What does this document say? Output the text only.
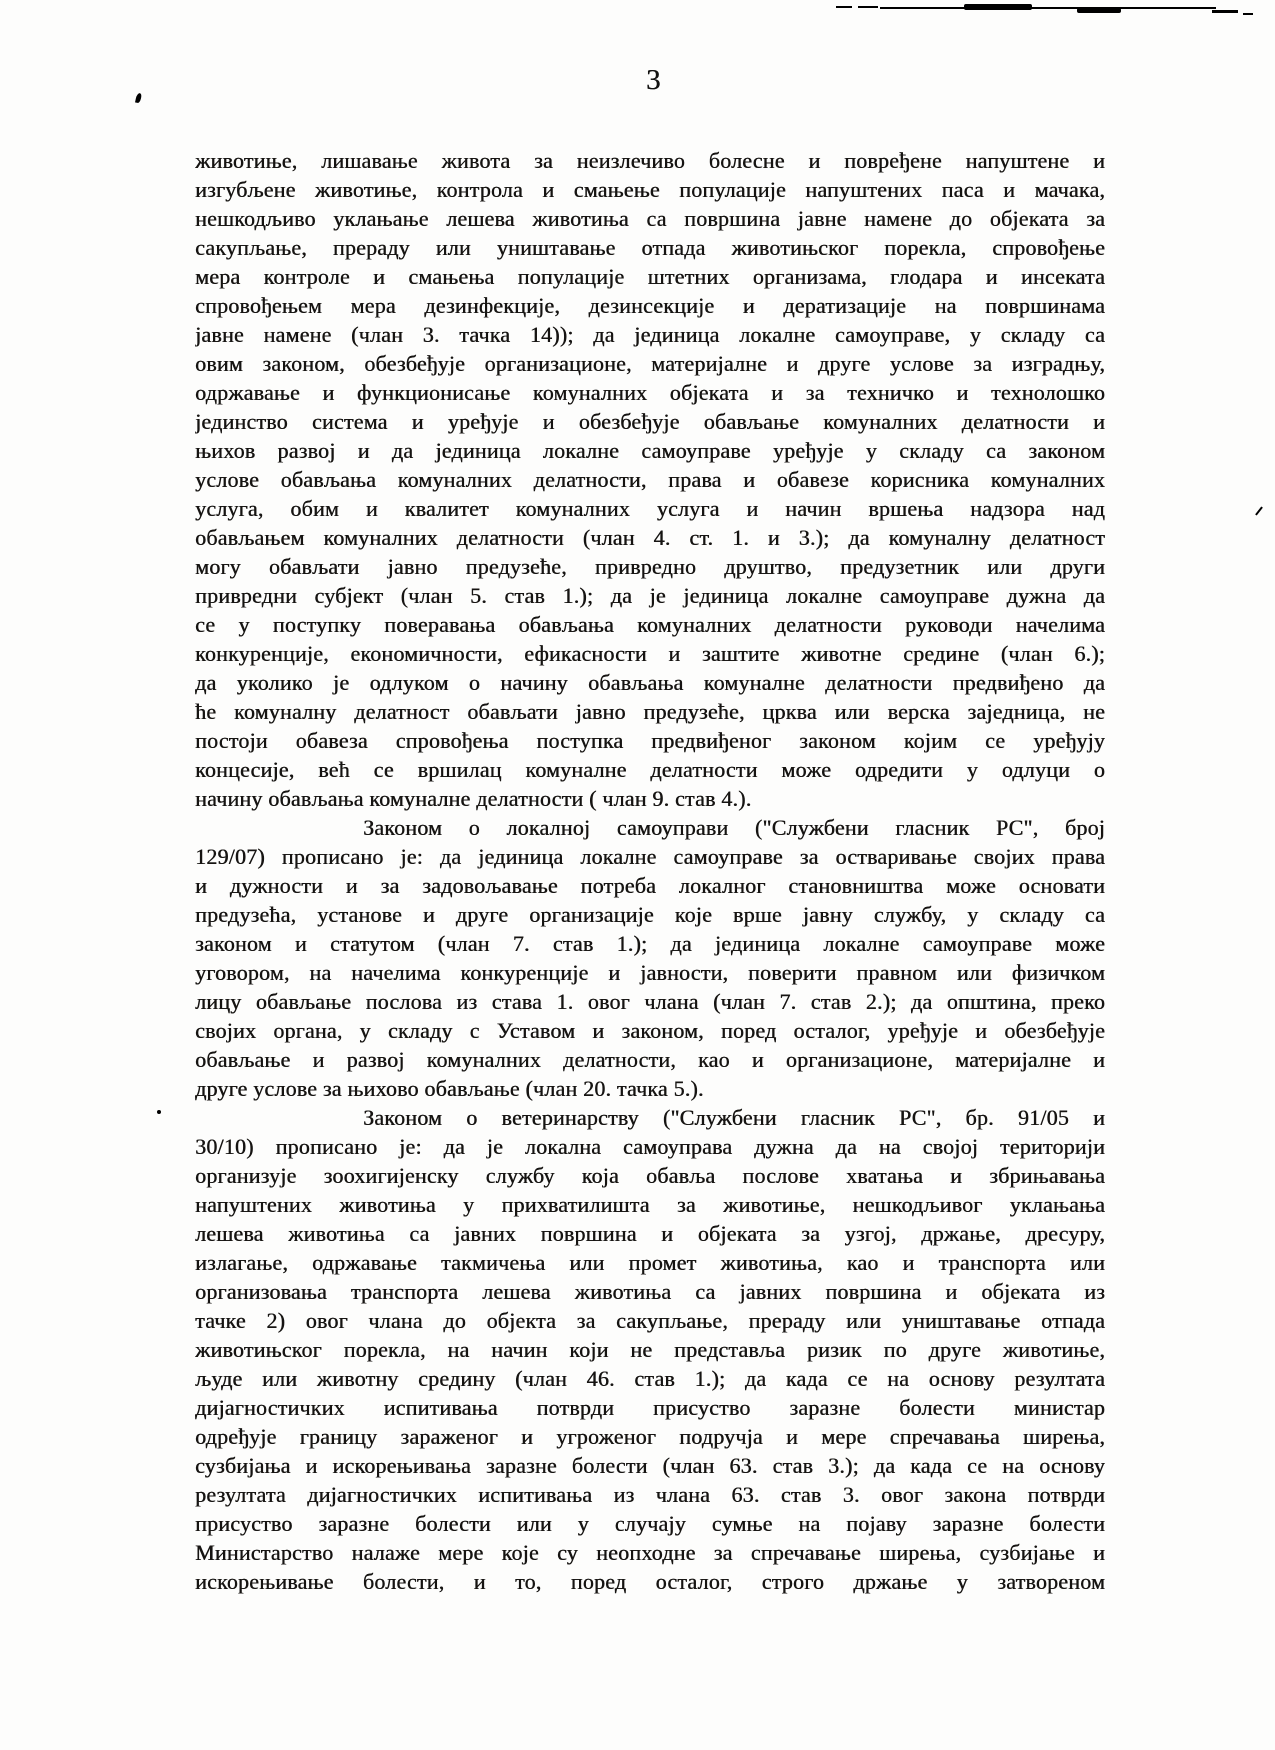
3
животиње, лишавање живота за неизлечиво болесне и повређене напуштене и
изгубљене животиње, контрола и смањење популације напуштених паса и мачака,
нешкодљиво уклањање лешева животиња са површина јавне намене до објеката за
сакупљање, прераду или уништавање отпада животињског порекла, спровођење
мера контроле и смањења популације штетних организама, глодара и инсеката
спровођењем мера дезинфекције, дезинсекције и дератизације на површинама
јавне намене (члан 3. тачка 14)); да јединица локалне самоуправе, у складу са
овим законом, обезбеђује организационе, материјалне и друге услове за изградњу,
одржавање и функционисање комуналних објеката и за техничко и технолошко
јединство система и уређује и обезбеђује обављање комуналних делатности и
њихов развој и да јединица локалне самоуправе уређује у складу са законом
услове обављања комуналних делатности, права и обавезе корисника комуналних
услуга, обим и квалитет комуналних услуга и начин вршења надзора над
обављањем комуналних делатности (члан 4. ст. 1. и 3.); да комуналну делатност
могу обављати јавно предузеће, привредно друштво, предузетник или други
привредни субјект (члан 5. став 1.); да је јединица локалне самоуправе дужна да
се у поступку поверавања обављања комуналних делатности руководи начелима
конкуренције, економичности, ефикасности и заштите животне средине (члан 6.);
да уколико је одлуком о начину обављања комуналне делатности предвиђено да
ће комуналну делатност обављати јавно предузеће, црква или верска заједница, не
постоји обавеза спровођења поступка предвиђеног законом којим се уређују
концесије, већ се вршилац комуналне делатности може одредити у одлуци о
начину обављања комуналне делатности ( члан 9. став 4.).
Законом о локалној самоуправи ("Службени гласник РС", број
129/07) прописано је: да јединица локалне самоуправе за остваривање својих права
и дужности и за задовољавање потреба локалног становништва може основати
предузећа, установе и друге организације које врше јавну службу, у складу са
законом и статутом (члан 7. став 1.); да јединица локалне самоуправе може
уговором, на начелима конкуренције и јавности, поверити правном или физичком
лицу обављање послова из става 1. овог члана (члан 7. став 2.); да општина, преко
својих органа, у складу с Уставом и законом, поред осталог, уређује и обезбеђује
обављање и развој комуналних делатности, као и организационе, материјалне и
друге услове за њихово обављање (члан 20. тачка 5.).
Законом о ветеринарству ("Службени гласник РС", бр. 91/05 и
30/10) прописано је: да је локална самоуправа дужна да на својој територији
организује зоохигијенску службу која обавља послове хватања и збрињавања
напуштених животиња у прихватилишта за животиње, нешкодљивог уклањања
лешева животиња са јавних површина и објеката за узгој, држање, дресуру,
излагање, одржавање такмичења или промет животиња, као и транспорта или
организовања транспорта лешева животиња са јавних површина и објеката из
тачке 2) овог члана до објекта за сакупљање, прераду или уништавање отпада
животињског порекла, на начин који не представља ризик по друге животиње,
људе или животну средину (члан 46. став 1.); да када се на основу резултата
дијагностичких испитивања потврди присуство заразне болести министар
одређује границу зараженог и угроженог подручја и мере спречавања ширења,
сузбијања и искорењивања заразне болести (члан 63. став 3.); да када се на основу
резултата дијагностичких испитивања из члана 63. став 3. овог закона потврди
присуство заразне болести или у случају сумње на појаву заразне болести
Министарство налаже мере које су неопходне за спречавање ширења, сузбијање и
искорењивање болести, и то, поред осталог, строго држање у затвореном
